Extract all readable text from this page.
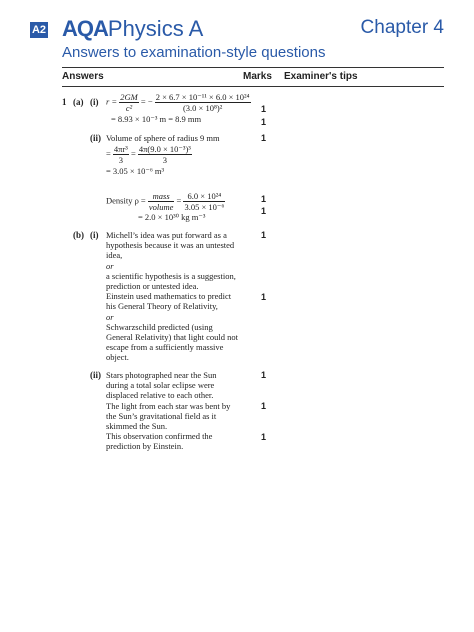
A2 AQAPhysics A	Chapter 4
Answers to examination-style questions
Answers	Marks Examiner's tips
1 (a) (i) $r = \frac{2GM}{\text{c²}}$ = − $\frac{\text{2 × 6.7 × 10⁻¹¹ × 6.0 × 10²⁴}}{\text{(3.0 × 10⁸)²}}$
= 8.93 × 10⁻³ m = 8.9 mm
1
1
(ii) Volume of sphere of radius 9 mm
= $\frac{\text{4πr³}}{3} = \frac{\text{4π(9.0 × 10⁻³)³}}{3}$
= 3.05 × 10⁻⁶ m³
1
Density ρ = mass
volume
= $\frac{\text{6.0 × 10²⁴}}{\text{3.05 × 10⁻⁶}}$
= 2.0 × 10³⁰ kg m⁻³
1
1
(b) (i) Michell’s idea was put forward as a
hypothesis because it was an untested
idea,
or
a scientific hypothesis is a suggestion,
prediction or untested idea.
Einstein used mathematics to predict
his General Theory of Relativity,
or
Schwarzschild predicted (using
General Relativity) that light could not
escape from a sufficiently massive
object.
1
1
(ii) Stars photographed near the Sun
during a total solar eclipse were
displaced relative to each other.
The light from each star was bent by
the Sun’s gravitational field as it
skimmed the Sun.
This observation confirmed the
prediction by Einstein.
1
1
1
